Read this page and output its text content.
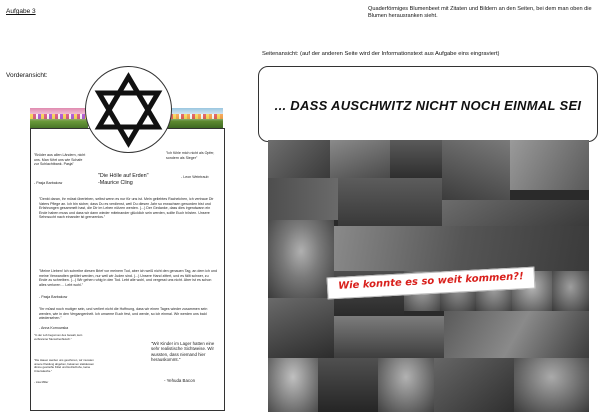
Aufgabe 3	Quaderförmiges Blumenbeet mit Zitaten und Bildern an den Seiten, bei dem man oben die Blumen herausranken sieht.
Vorderansicht:
Seitenansicht: (auf der anderen Seite wird der Informationstext aus Aufgabe eins eingraviert)
"Brüder aus allen Ländern, nicht uns. Man führt uns wie Schafe zur Schlachtbank. Pasja"
- Pasja Barbakow
"Ich fühle mich nicht als Opfer, sondern als Sieger"
- Leon Weintraub
"Die Hölle auf Erden"
-Maurice Cling
"Denkt daran, ihr müsst überleben, selbst wenn es nur für uns ist. Mein geliebtes Rachelchen, ich vertraue Dir Vaters Pflege an. Ich bin sicher, dass Du es verdienst, weil Du diesen Jahr so erwachsen geworden bist und Erfahrungen gesammelt hast, die Dir im Leben nützen werden. (...) Der Gedanke, dass dies irgendwann ein Ende haben muss und dass wir dann wieder miteinander glücklich sein werden, sollte Euch trösten. Unsere Sehnsucht nach einander ist grenzenlos."
"Meine Lieben! Ich schreibe diesen Brief vor meinem Tod, aber ich weiß nicht den genauen Tag, an dem ich und meine Verwandten getötet werden, nur weil wir Juden sind. (...) Unsere Hand zittert, und es fällt schwer, zu Ende zu schreiben. (...) Wir gehen ruhig in den Tod. Lebt alle wohl, und vergesst uns nicht. Aber ist es schon alles verloren ... Lebt wohl."
- Pasja Barbakow
"Ihr müsst noch mutiger sein, und verliert nicht die Hoffnung, dass wir einen Tages wieder zusammen sein werden, wie in den Vergangenheit. Ich umarme Euch fest, und werde, so ich einmal. Wir werden uns bald wiedersehen."
- Anna Kornowska
"In der Lob begonnen des Gewalt, kein verbrannter Menschenfleisch."
"Die Hauen werden uns geschoren, wir mussten unsere Kleidung abgeben, bekamen stattdessen dünne gestreifte Kittel und Holzschuhe, keine Unterwäsche."
- Lisa Miller
"Wir Kinder im Lager hatten eine sehr realistische Sichtweise. Wir wussten, dass niemand hier herauskommt."
- Yehuda Bacon
... DASS AUSCHWITZ NICHT NOCH EINMAL SEI
Wie konnte es so weit kommen?!
